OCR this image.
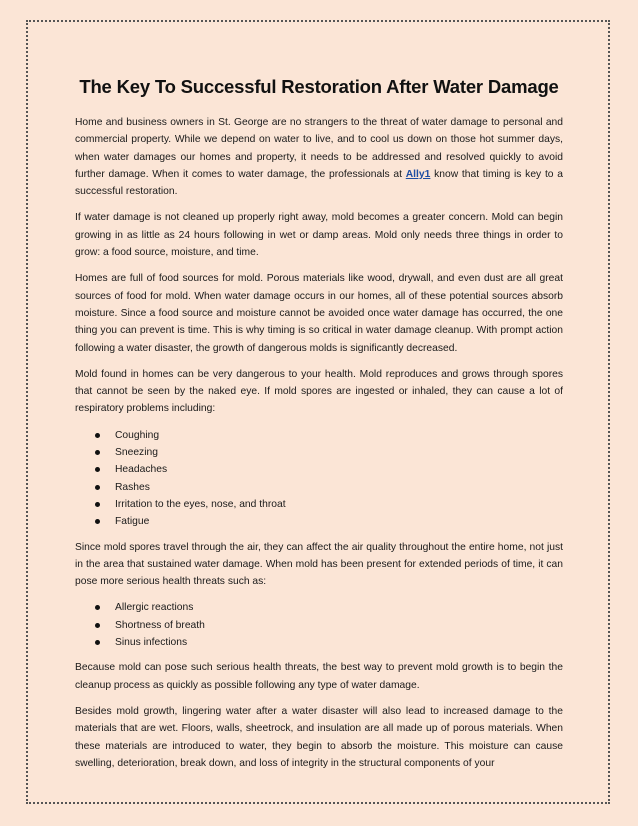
The Key To Successful Restoration After Water Damage

Home and business owners in St. George are no strangers to the threat of water damage to personal and commercial property. While we depend on water to live, and to cool us down on those hot summer days, when water damages our homes and property, it needs to be addressed and resolved quickly to avoid further damage. When it comes to water damage, the professionals at Ally1 know that timing is key to a successful restoration.

If water damage is not cleaned up properly right away, mold becomes a greater concern. Mold can begin growing in as little as 24 hours following in wet or damp areas. Mold only needs three things in order to grow: a food source, moisture, and time.

Homes are full of food sources for mold. Porous materials like wood, drywall, and even dust are all great sources of food for mold. When water damage occurs in our homes, all of these potential sources absorb moisture. Since a food source and moisture cannot be avoided once water damage has occurred, the one thing you can prevent is time. This is why timing is so critical in water damage cleanup. With prompt action following a water disaster, the growth of dangerous molds is significantly decreased.

Mold found in homes can be very dangerous to your health. Mold reproduces and grows through spores that cannot be seen by the naked eye. If mold spores are ingested or inhaled, they can cause a lot of respiratory problems including:

Coughing
Sneezing
Headaches
Rashes
Irritation to the eyes, nose, and throat
Fatigue

Since mold spores travel through the air, they can affect the air quality throughout the entire home, not just in the area that sustained water damage. When mold has been present for extended periods of time, it can pose more serious health threats such as:

Allergic reactions
Shortness of breath
Sinus infections

Because mold can pose such serious health threats, the best way to prevent mold growth is to begin the cleanup process as quickly as possible following any type of water damage.

Besides mold growth, lingering water after a water disaster will also lead to increased damage to the materials that are wet. Floors, walls, sheetrock, and insulation are all made up of porous materials. When these materials are introduced to water, they begin to absorb the moisture. This moisture can cause swelling, deterioration, break down, and loss of integrity in the structural components of your
